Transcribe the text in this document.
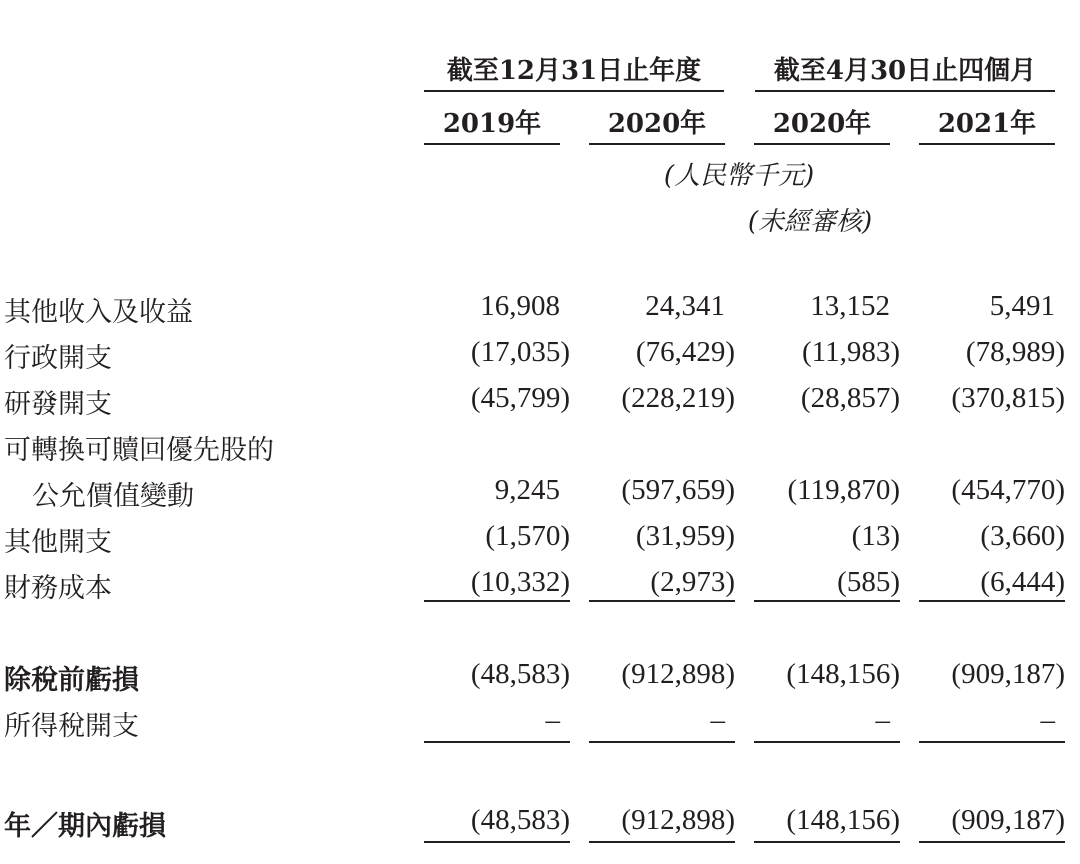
截至12月31日止年度	截至4月30日止四個月
2019年	2020年	2020年	2021年
(人民幣千元)
(未經審核)
其他收入及收益	16,908	24,341	13,152	5,491
行政開支	(17,035)	(76,429)	(11,983)	(78,989)
研發開支	(45,799)	(228,219)	(28,857)	(370,815)
可轉換可贖回優先股的
公允價值變動	9,245	(597,659)	(119,870)	(454,770)
其他開支	(1,570)	(31,959)	(13)	(3,660)
財務成本	(10,332)	(2,973)	(585)	(6,444)
除稅前虧損	(48,583)	(912,898)	(148,156)	(909,187)
所得稅開支	–	–	–	–
年／期內虧損	(48,583)	(912,898)	(148,156)	(909,187)
